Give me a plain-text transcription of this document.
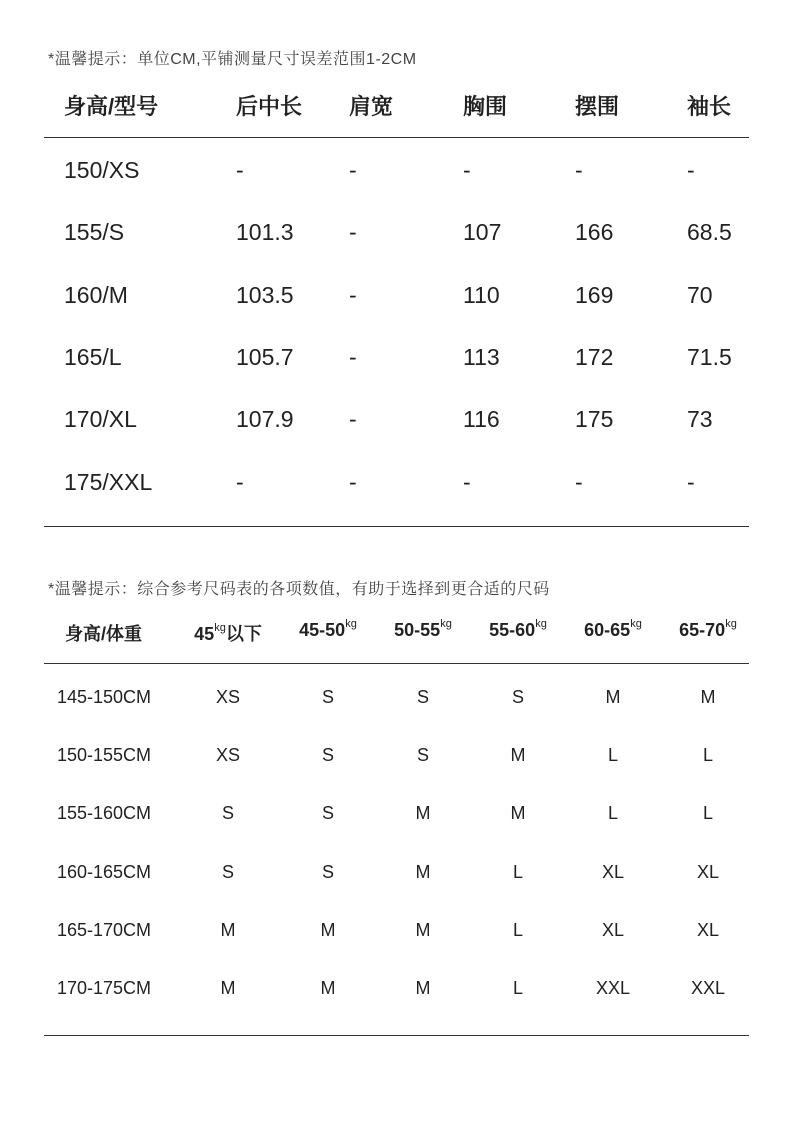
*温馨提示：单位CM,平铺测量尺寸误差范围1-2CM
身高/型号	后中长 肩宽	胸围	摆围	袖长
150/XS	-	-	-	-	-
155/S	101.3 -	107	166	68.5
160/M	103.5 -	110	169	70
165/L	105.7 -	113	172	71.5
170/XL	107.9 -	116	175	73
175/XXL	-	-	-	-	-
*温馨提示：综合参考尺码表的各项数值，有助于选择到更合适的尺码
身高/体重	$45^{kg}$以下	$45-50^{kg}$	$50-55^{kg}$	$55-60^{kg}$	$60-65^{kg}$	$65-70^{kg}$
145-150CM	XS	S	S	S	M	M
150-155CM	XS	S	S	M	L	L
155-160CM	S	S	M	M	L	L
160-165CM	S	S	M	L	XL	XL
165-170CM	M	M	M	L	XL	XL
170-175CM	M	M	M	L	XXL	XXL
